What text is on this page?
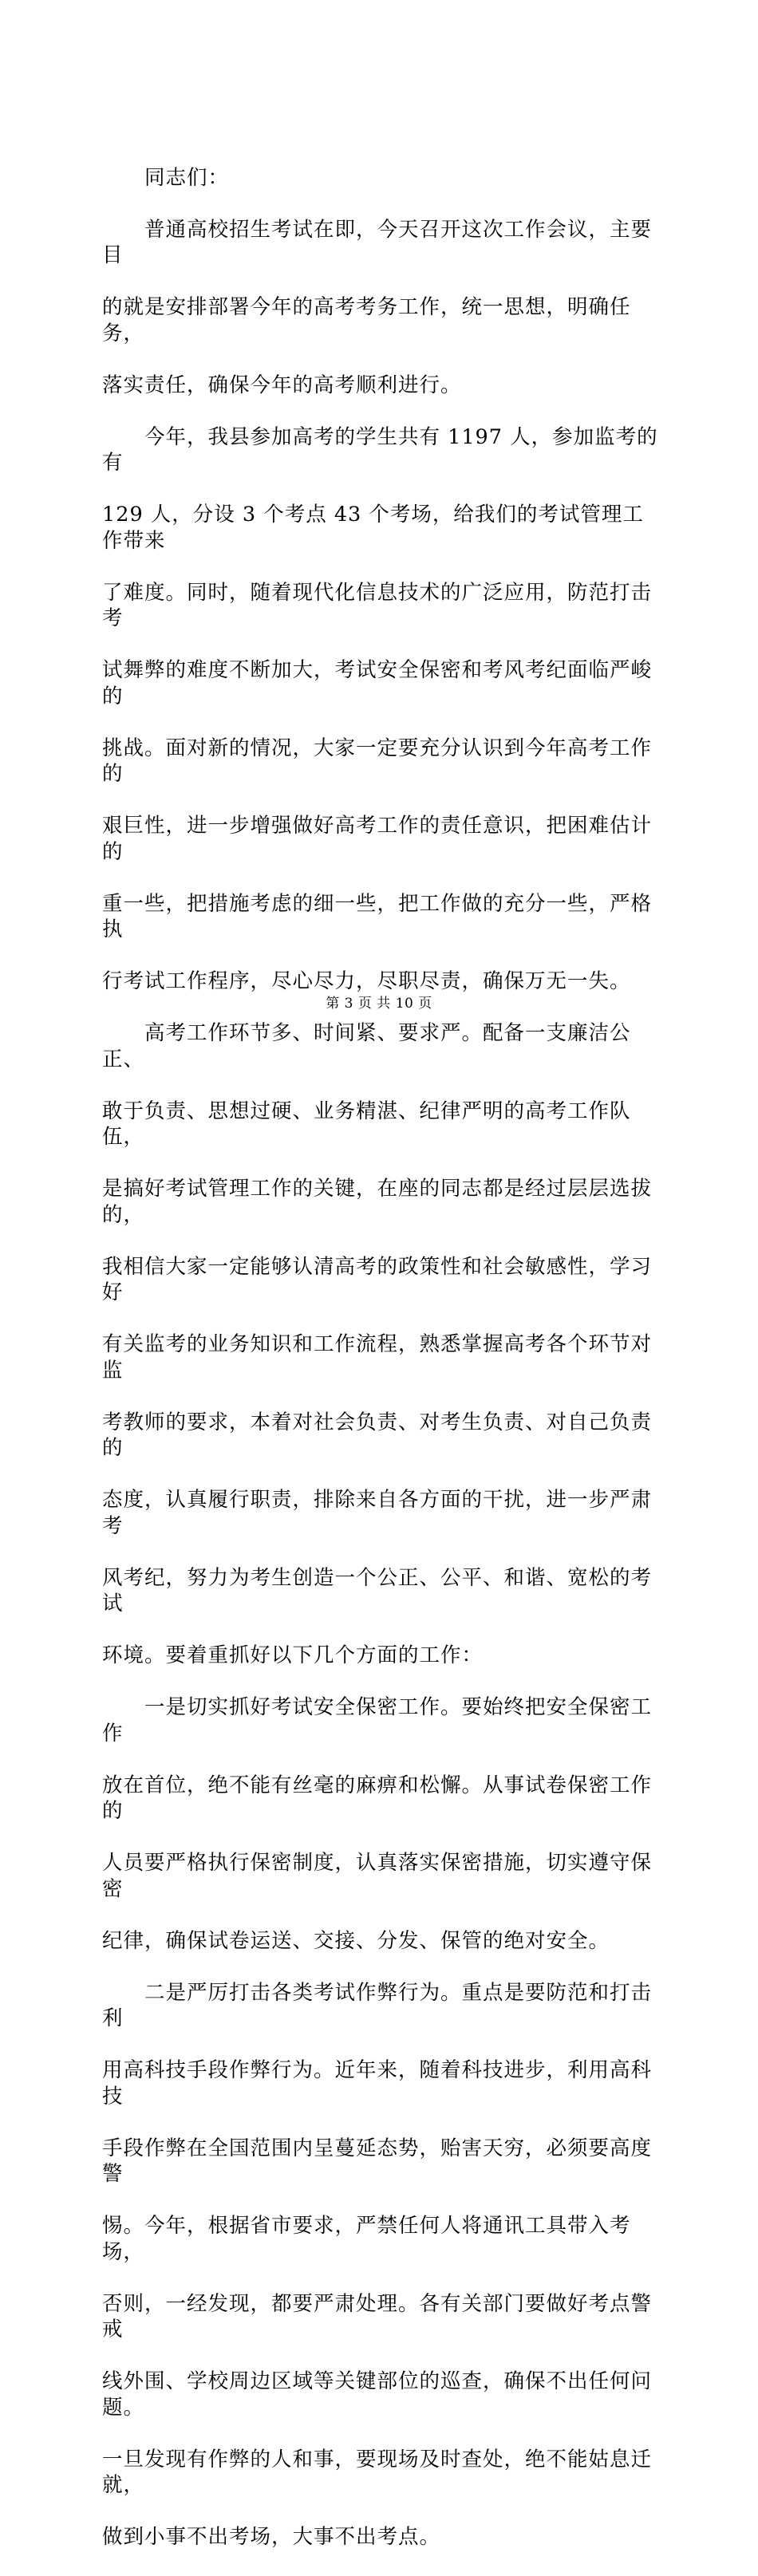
　　同志们：

　　普通高校招生考试在即，今天召开这次工作会议，主要目

的就是安排部署今年的高考考务工作，统一思想，明确任务，

落实责任，确保今年的高考顺利进行。

　　今年，我县参加高考的学生共有 1197 人，参加监考的有

129 人，分设 3 个考点 43 个考场，给我们的考试管理工作带来

了难度。同时，随着现代化信息技术的广泛应用，防范打击考

试舞弊的难度不断加大，考试安全保密和考风考纪面临严峻的

挑战。面对新的情况，大家一定要充分认识到今年高考工作的

艰巨性，进一步增强做好高考工作的责任意识，把困难估计的

重一些，把措施考虑的细一些，把工作做的充分一些，严格执

行考试工作程序，尽心尽力，尽职尽责，确保万无一失。

　　高考工作环节多、时间紧、要求严。配备一支廉洁公正、

敢于负责、思想过硬、业务精湛、纪律严明的高考工作队伍，

是搞好考试管理工作的关键，在座的同志都是经过层层选拔的，

我相信大家一定能够认清高考的政策性和社会敏感性，学习好

有关监考的业务知识和工作流程，熟悉掌握高考各个环节对监

考教师的要求，本着对社会负责、对考生负责、对自己负责的

态度，认真履行职责，排除来自各方面的干扰，进一步严肃考

风考纪，努力为考生创造一个公正、公平、和谐、宽松的考试

环境。要着重抓好以下几个方面的工作：

　　一是切实抓好考试安全保密工作。要始终把安全保密工作

放在首位，绝不能有丝毫的麻痹和松懈。从事试卷保密工作的

人员要严格执行保密制度，认真落实保密措施，切实遵守保密

纪律，确保试卷运送、交接、分发、保管的绝对安全。

　　二是严厉打击各类考试作弊行为。重点是要防范和打击利

用高科技手段作弊行为。近年来，随着科技进步，利用高科技

手段作弊在全国范围内呈蔓延态势，贻害天穷，必须要高度警

惕。今年，根据省市要求，严禁任何人将通讯工具带入考场，

否则，一经发现，都要严肃处理。各有关部门要做好考点警戒

线外围、学校周边区域等关键部位的巡查，确保不出任何问题。

一旦发现有作弊的人和事，要现场及时查处，绝不能姑息迁就，

做到小事不出考场，大事不出考点。

第 3 页 共 10 页
